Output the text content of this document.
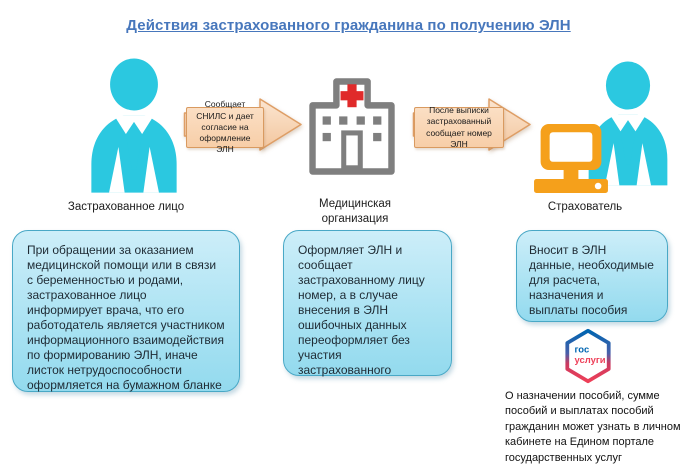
Действия застрахованного гражданина по получению ЭЛН
Застрахованное лицо
Сообщает СНИЛС и дает согласие на оформление ЭЛН
Медицинская организация
После выписки застрахованный сообщает номер ЭЛН
Страхователь
При обращении за оказанием медицинской помощи или в связи с беременностью и родами, застрахованное лицо информирует врача, что его работодатель является участником информационного взаимодействия по формированию ЭЛН, иначе листок нетрудоспособности оформляется на бумажном бланке
Оформляет ЭЛН и сообщает застрахованному лицу номер, а в случае внесения в ЭЛН ошибочных данных переоформляет без участия застрахованного
Вносит в ЭЛН данные, необходимые для расчета, назначения и выплаты пособия
гос
услуги
О назначении пособий, сумме пособий и выплатах пособий гражданин может узнать в личном кабинете на Едином портале государственных услуг
